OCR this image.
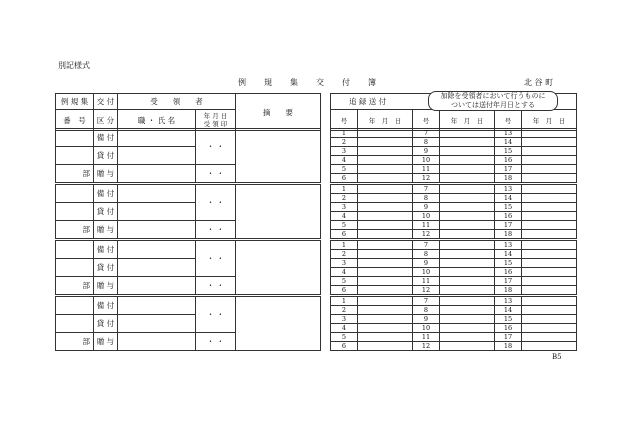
別記様式
例規集交付簿	北 谷 町
例 規 集	交 付	受　　領　　者		摘　　要
番　号	区 分	職 ・ 氏 名	年 月 日
受 領 印	
追 録 送 付
号	年　月　日	号	年　月　日	号	年　月　日
加除を受領者において行うものに
ついては送付年月日とする
	備 付		・ ・	
	貸 付			
部	贈 与		・ ・	
1		7		13	
2		8		14	
3		9		15	
4		10		16	
5		11		17	
6		12		18	
	備 付		・ ・	
	貸 付			
部	贈 与		・ ・	
1		7		13	
2		8		14	
3		9		15	
4		10		16	
5		11		17	
6		12		18	
	備 付		・ ・	
	貸 付			
部	贈 与		・ ・	
1		7		13	
2		8		14	
3		9		15	
4		10		16	
5		11		17	
6		12		18	
	備 付		・ ・	
	貸 付			
部	贈 与		・ ・	
1		7		13	
2		8		14	
3		9		15	
4		10		16	
5		11		17	
6		12		18	
B5
